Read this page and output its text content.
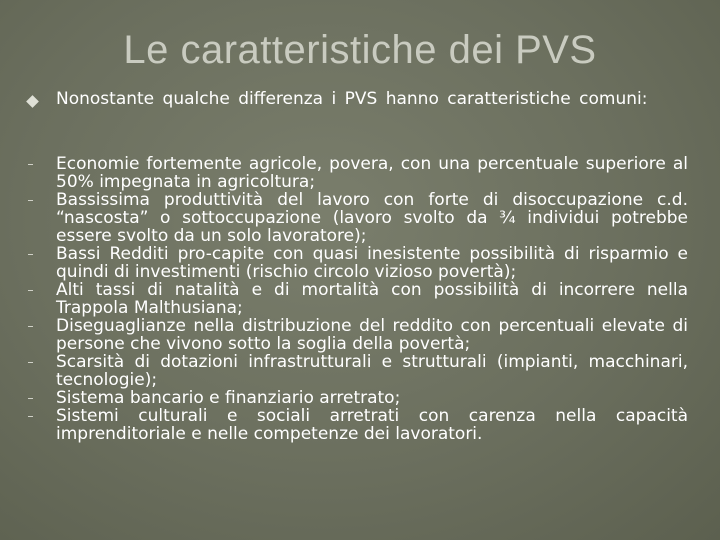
Le caratteristiche dei PVS
Nonostante qualche differenza i PVS hanno caratteristiche comuni:
Economie fortemente agricole, povera, con una percentuale superiore al 50% impegnata in agricoltura;
Bassissima produttività del lavoro con forte di disoccupazione c.d. “nascosta” o sottoccupazione (lavoro svolto da ¾ individui potrebbe essere svolto da un solo lavoratore);
Bassi Redditi pro-capite con quasi inesistente possibilità di risparmio e quindi di investimenti (rischio circolo vizioso povertà);
Alti tassi di natalità e di mortalità con possibilità di incorrere nella Trappola Malthusiana;
Diseguaglianze nella distribuzione del reddito con percentuali elevate di persone che vivono sotto la soglia della povertà;
Scarsità di dotazioni infrastrutturali e strutturali (impianti, macchinari, tecnologie);
Sistema bancario e finanziario arretrato;
Sistemi culturali e sociali arretrati con carenza nella capacità imprenditoriale e nelle competenze dei lavoratori.
